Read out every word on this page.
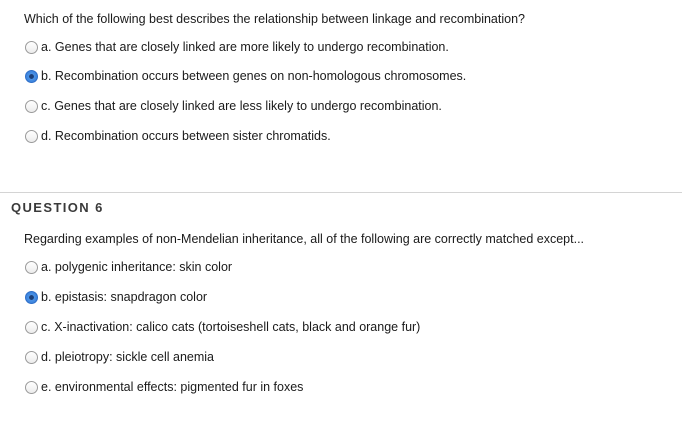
Which of the following best describes the relationship between linkage and recombination?
a. Genes that are closely linked are more likely to undergo recombination.
b. Recombination occurs between genes on non-homologous chromosomes.
c. Genes that are closely linked are less likely to undergo recombination.
d. Recombination occurs between sister chromatids.
QUESTION 6
Regarding examples of non-Mendelian inheritance, all of the following are correctly matched except...
a. polygenic inheritance: skin color
b. epistasis: snapdragon color
c. X-inactivation: calico cats (tortoiseshell cats, black and orange fur)
d. pleiotropy: sickle cell anemia
e. environmental effects: pigmented fur in foxes
